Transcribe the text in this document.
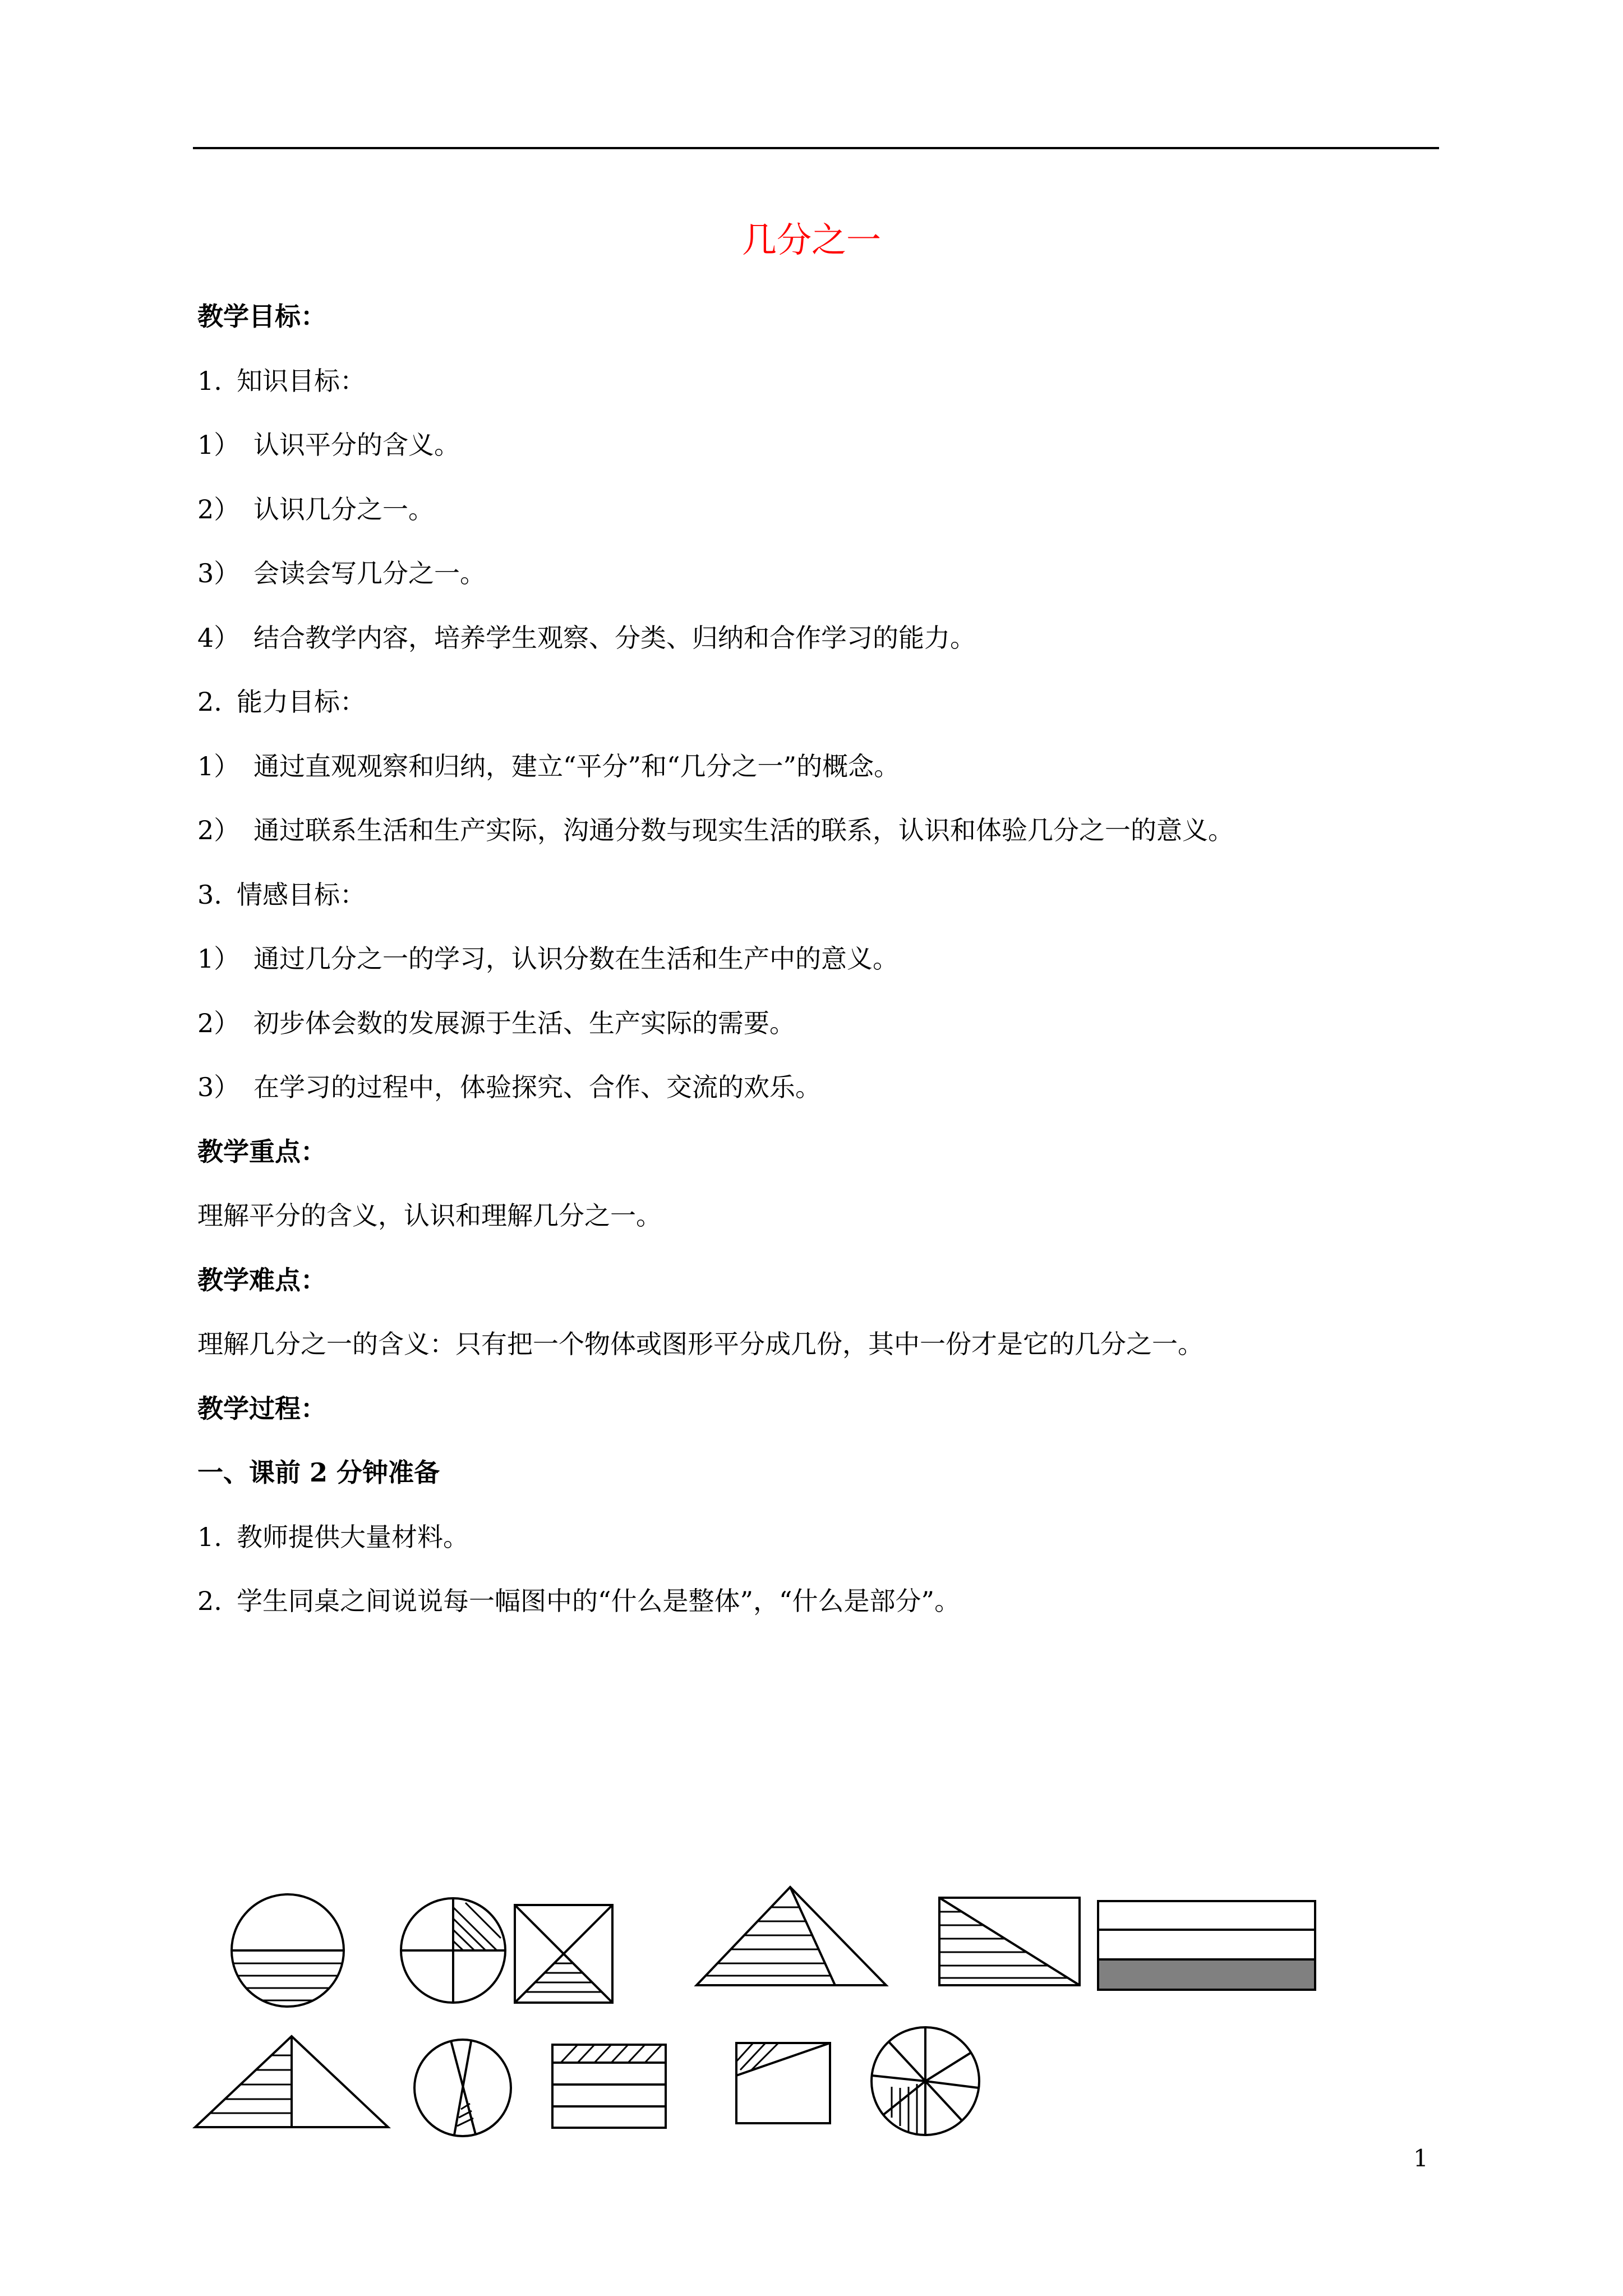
几分之一
教学目标：
1. 知识目标：
1） 认识平分的含义。
2） 认识几分之一。
3） 会读会写几分之一。
4） 结合教学内容，培养学生观察、分类、归纳和合作学习的能力。
2. 能力目标：
1） 通过直观观察和归纳，建立“平分”和“几分之一”的概念。
2） 通过联系生活和生产实际，沟通分数与现实生活的联系，认识和体验几分之一的意义。
3. 情感目标：
1） 通过几分之一的学习，认识分数在生活和生产中的意义。
2） 初步体会数的发展源于生活、生产实际的需要。
3） 在学习的过程中，体验探究、合作、交流的欢乐。
教学重点：
理解平分的含义，认识和理解几分之一。
教学难点：
理解几分之一的含义：只有把一个物体或图形平分成几份，其中一份才是它的几分之一。
教学过程：
一、课前 2 分钟准备
1. 教师提供大量材料。
2. 学生同桌之间说说每一幅图中的“什么是整体”，“什么是部分”。
1
